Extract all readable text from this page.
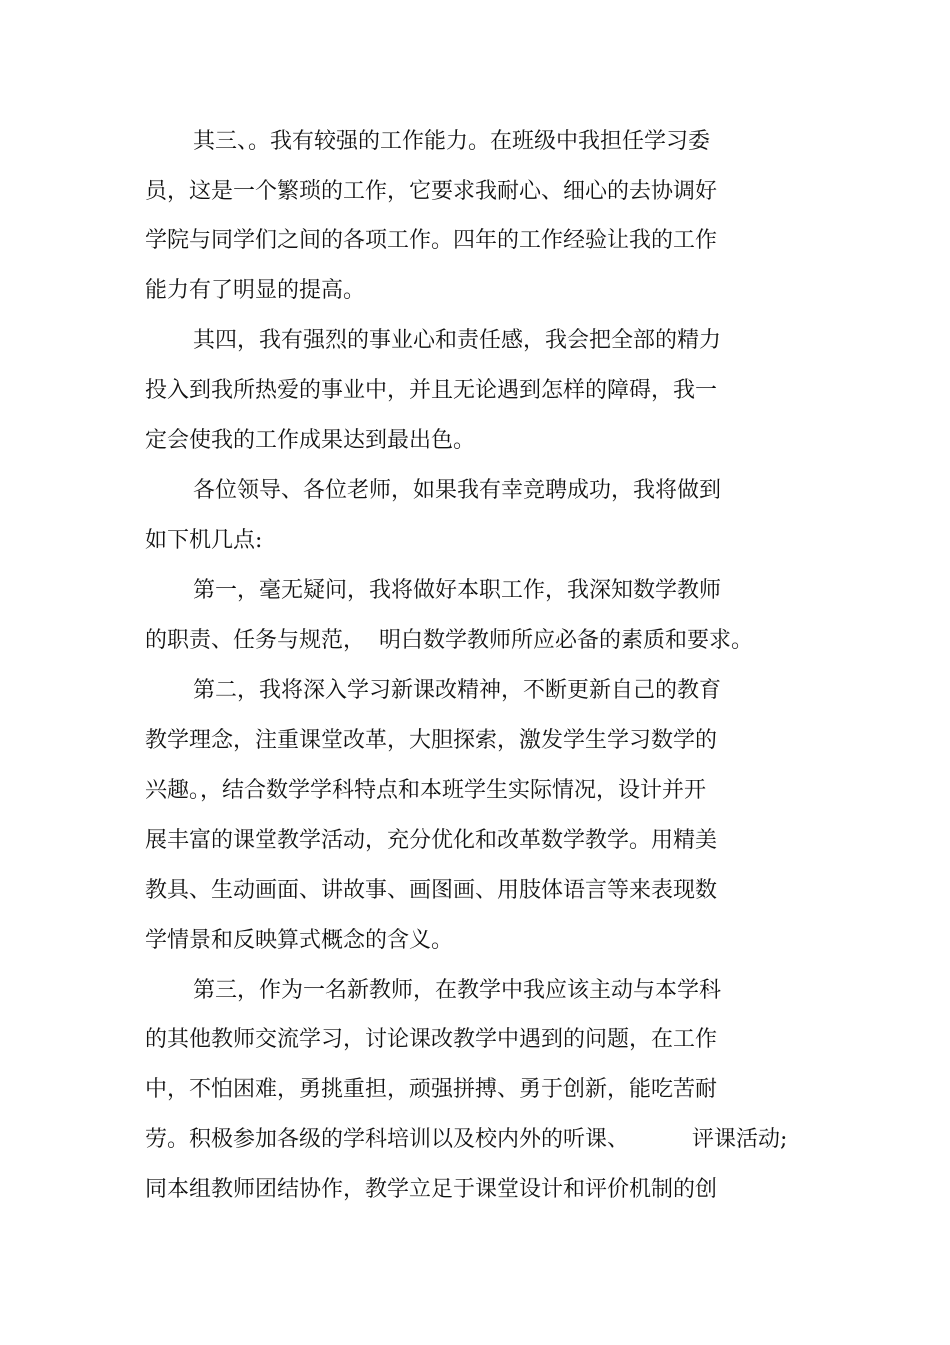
其三、。我有较强的工作能力。在班级中我担任学习委

员，这是一个繁琐的工作，它要求我耐心、细心的去协调好

学院与同学们之间的各项工作。四年的工作经验让我的工作

能力有了明显的提高。

其四，我有强烈的事业心和责任感，我会把全部的精力

投入到我所热爱的事业中，并且无论遇到怎样的障碍，我一

定会使我的工作成果达到最出色。

各位领导、各位老师，如果我有幸竞聘成功，我将做到

如下机几点:

第一，毫无疑问，我将做好本职工作，我深知数学教师

的职责、任务与规范，  明白数学教师所应必备的素质和要求。

第二，我将深入学习新课改精神，不断更新自己的教育

教学理念，注重课堂改革，大胆探索，激发学生学习数学的

兴趣。，结合数学学科特点和本班学生实际情况，设计并开

展丰富的课堂教学活动，充分优化和改革数学教学。用精美

教具、生动画面、讲故事、画图画、用肢体语言等来表现数

学情景和反映算式概念的含义。

第三，作为一名新教师，在教学中我应该主动与本学科

的其他教师交流学习，讨论课改教学中遇到的问题，在工作

中，不怕困难，勇挑重担，顽强拼搏、勇于创新，能吃苦耐

劳。积极参加各级的学科培训以及校内外的听课、	评课活动;

同本组教师团结协作，教学立足于课堂设计和评价机制的创
